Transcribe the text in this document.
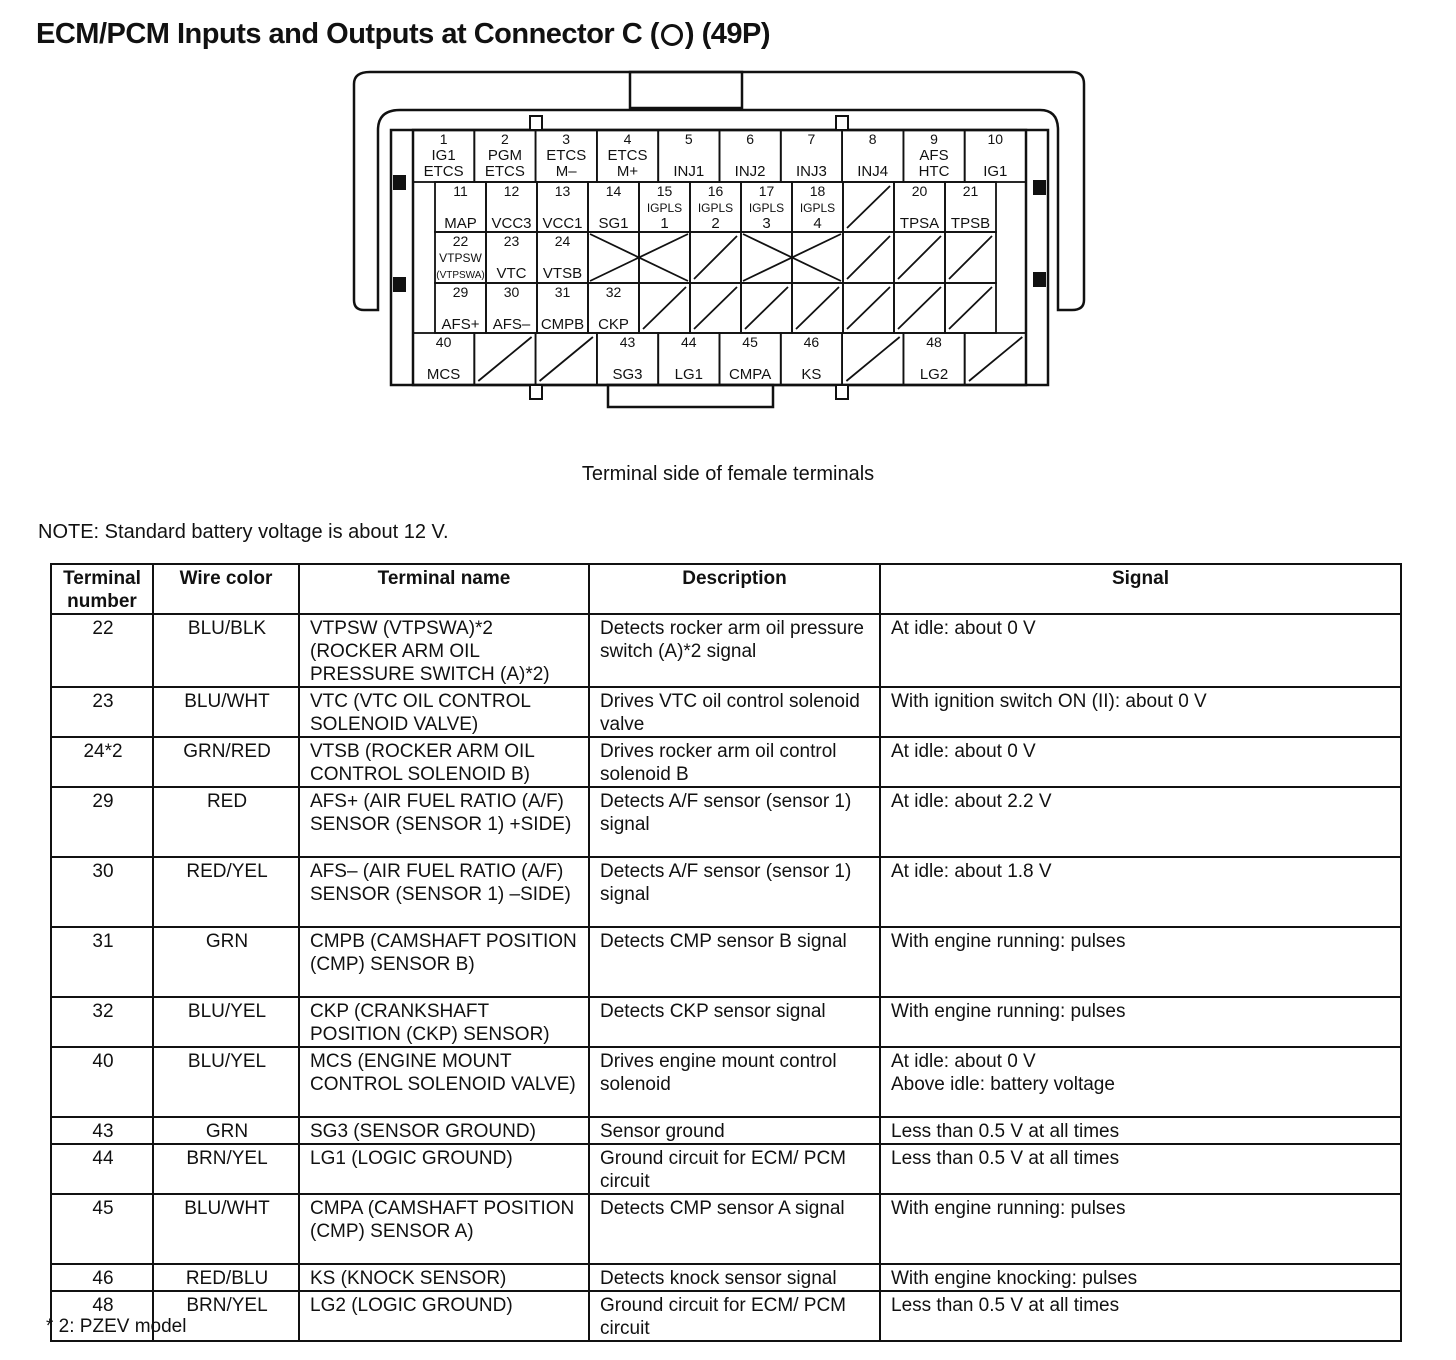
ECM/PCM Inputs and Outputs at Connector C ( ) (49P)
1
IG1
ETCS
2
PGM
ETCS
3
ETCS
M–
4
ETCS
M+
5
INJ1
6
INJ2
7
INJ3
8
INJ4
9
AFS
HTC
10
IG1
11
MAP
12
VCC3
13
VCC1
14
SG1
15
IGPLS
1
16
IGPLS
2
17
IGPLS
3
18
IGPLS
4
20
TPSA
21
TPSB
22
VTPSW
(VTPSWA)
23
VTC
24
VTSB
29
AFS+
30
AFS–
31
CMPB
32
CKP
40
MCS
43
SG3
44
LG1
45
CMPA
46
KS
48
LG2
Terminal side of female terminals
NOTE: Standard battery voltage is about 12 V.
Terminal number	Wire color	Terminal name	Description	Signal
22	BLU/BLK	VTPSW (VTPSWA)*2 (ROCKER ARM OIL PRESSURE SWITCH (A)*2)	Detects rocker arm oil pressure switch (A)*2 signal	At idle: about 0 V
23	BLU/WHT	VTC (VTC OIL CONTROL SOLENOID VALVE)	Drives VTC oil control solenoid valve	With ignition switch ON (II): about 0 V
24*2	GRN/RED	VTSB (ROCKER ARM OIL CONTROL SOLENOID B)	Drives rocker arm oil control solenoid B	At idle: about 0 V
29	RED	AFS+ (AIR FUEL RATIO (A/F) SENSOR (SENSOR 1) +SIDE)	Detects A/F sensor (sensor 1) signal	At idle: about 2.2 V
30	RED/YEL	AFS– (AIR FUEL RATIO (A/F) SENSOR (SENSOR 1) –SIDE)	Detects A/F sensor (sensor 1) signal	At idle: about 1.8 V
31	GRN	CMPB (CAMSHAFT POSITION (CMP) SENSOR B)	Detects CMP sensor B signal	With engine running: pulses
32	BLU/YEL	CKP (CRANKSHAFT POSITION (CKP) SENSOR)	Detects CKP sensor signal	With engine running: pulses
40	BLU/YEL	MCS (ENGINE MOUNT CONTROL SOLENOID VALVE)	Drives engine mount control solenoid	At idle: about 0 V
Above idle: battery voltage
43	GRN	SG3 (SENSOR GROUND)	Sensor ground	Less than 0.5 V at all times
44	BRN/YEL	LG1 (LOGIC GROUND)	Ground circuit for ECM/ PCM circuit	Less than 0.5 V at all times
45	BLU/WHT	CMPA (CAMSHAFT POSITION (CMP) SENSOR A)	Detects CMP sensor A signal	With engine running: pulses
46	RED/BLU	KS (KNOCK SENSOR)	Detects knock sensor signal	With engine knocking: pulses
48	BRN/YEL	LG2 (LOGIC GROUND)	Ground circuit for ECM/ PCM circuit	Less than 0.5 V at all times
* 2: PZEV model
